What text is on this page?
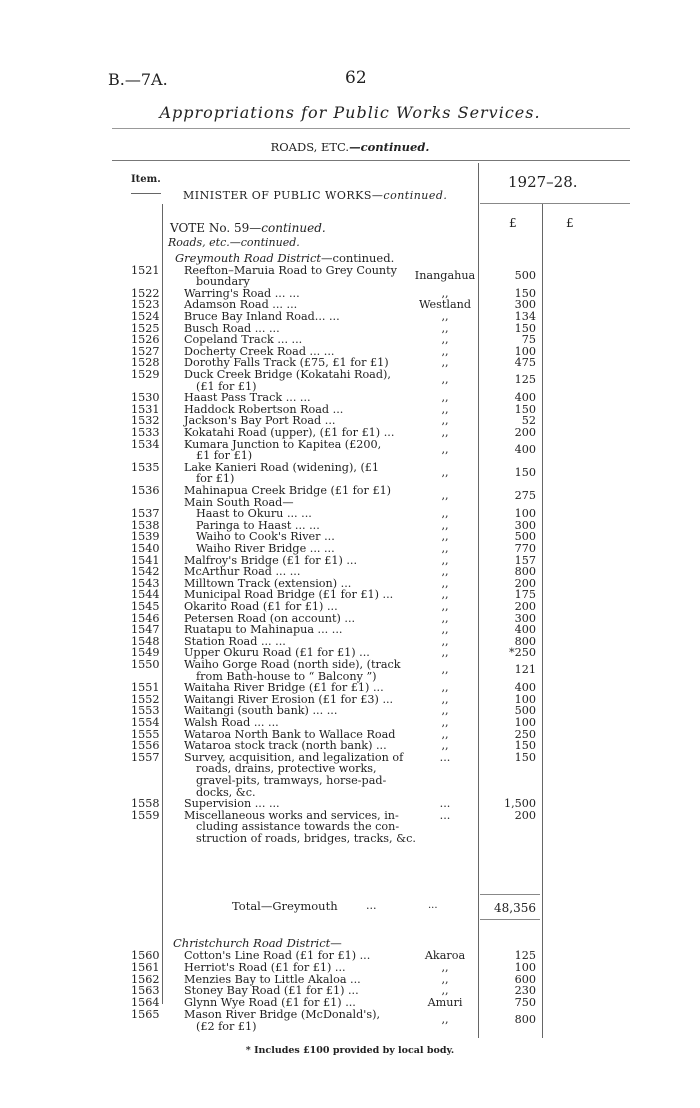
B.—7A.	62
Appropriations for Public Works Services.
ROADS, ETC.—continued.
Item.
MINISTER OF PUBLIC WORKS—continued.
1927–28.
£	£
VOTE No. 59—continued.
Roads, etc.—continued.
Greymouth Road District—continued.
1521 Reefton–Maruia Road to Grey County	Inangahua	500
boundary
1522 Warring's Road ... ...	,,	150
1523 Adamson Road ... ...	Westland	300
1524 Bruce Bay Inland Road... ...	,,	134
1525 Busch Road ... ...	,,	150
1526 Copeland Track ... ...	,,	75
1527 Docherty Creek Road ... ...	,,	100
1528 Dorothy Falls Track (£75, £1 for £1)	,,	475
1529 Duck Creek Bridge (Kokatahi Road),	,,	125
(£1 for £1)
1530 Haast Pass Track ... ...	,,	400
1531 Haddock Robertson Road ...	,,	150
1532 Jackson's Bay Port Road ...	,,	52
1533 Kokatahi Road (upper), (£1 for £1) ...	,,	200
1534 Kumara Junction to Kapitea (£200,	,,	400
£1 for £1)
1535 Lake Kanieri Road (widening), (£1	,,	150
for £1)
1536 Mahinapua Creek Bridge (£1 for £1)	,,	275
Main South Road—
1537	Haast to Okuru ... ...	,,	100
1538	Paringa to Haast ... ...	,,	300
1539	Waiho to Cook's River ...	,,	500
1540	Waiho River Bridge ... ...	,,	770
1541 Malfroy's Bridge (£1 for £1) ...	,,	157
1542 McArthur Road ... ...	,,	800
1543 Milltown Track (extension) ...	,,	200
1544 Municipal Road Bridge (£1 for £1) ...	,,	175
1545 Okarito Road (£1 for £1) ...	,,	200
1546 Petersen Road (on account) ...	,,	300
1547 Ruatapu to Mahinapua ... ...	,,	400
1548 Station Road ... ...	,,	800
1549 Upper Okuru Road (£1 for £1) ...	,,	*250
1550 Waiho Gorge Road (north side), (track	,,	121
from Bath-house to “ Balcony ”)
1551 Waitaha River Bridge (£1 for £1) ...	,,	400
1552 Waitangi River Erosion (£1 for £3) ...	,,	100
1553 Waitangi (south bank) ... ...	,,	500
1554 Walsh Road ... ...	,,	100
1555 Wataroa North Bank to Wallace Road	,,	250
1556 Wataroa stock track (north bank) ...	,,	150
1557 Survey, acquisition, and legalization of	...	150
roads, drains, protective works,
gravel-pits, tramways, horse-pad-
docks, &c.
1558 Supervision ... ...	...	1,500
1559 Miscellaneous works and services, in-	...	200
cluding assistance towards the con-
struction of roads, bridges, tracks, &c.
Total—Greymouth	...	...	48,356
Christchurch Road District—
1560 Cotton's Line Road (£1 for £1) ...	Akaroa	125
1561 Herriot's Road (£1 for £1) ...	,,	100
1562 Menzies Bay to Little Akaloa ...	,,	600
1563 Stoney Bay Road (£1 for £1) ...	,,	230
1564 Glynn Wye Road (£1 for £1) ...	Amuri	750
1565 Mason River Bridge (McDonald's),	,,	800
(£2 for £1)
* Includes £100 provided by local body.
